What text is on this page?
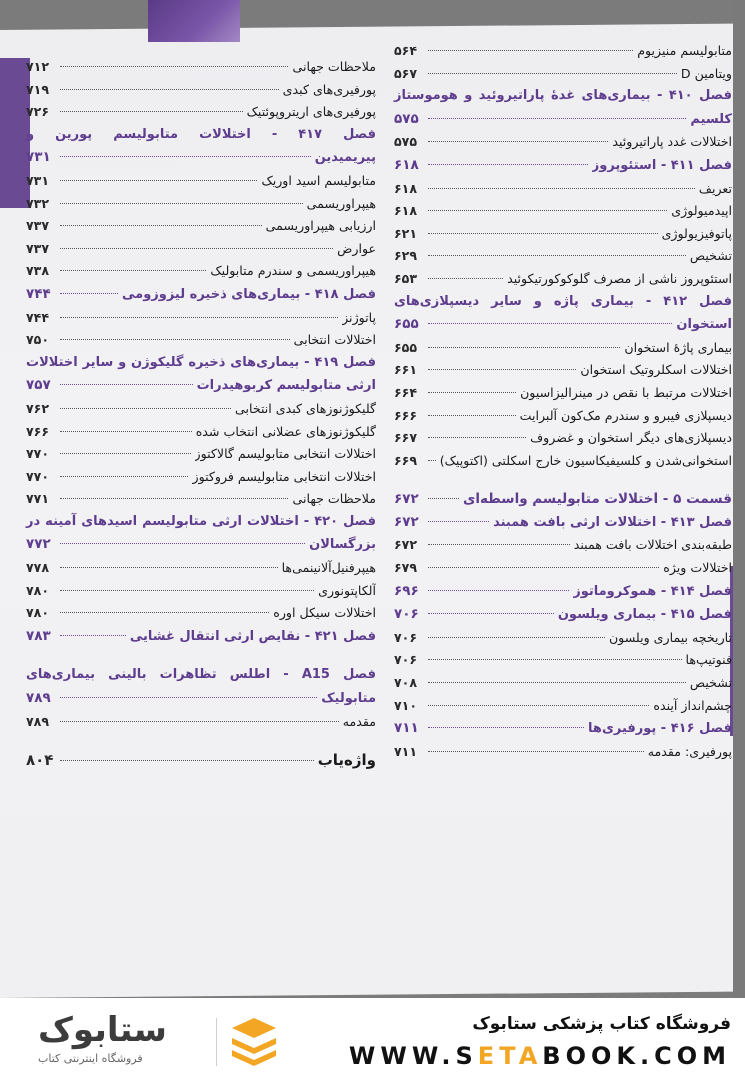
متابولیسم منیزیوم
۵۶۴
ویتامین D
۵۶۷
فصل ۴۱۰ - بیماری‌های غدهٔ پاراتیروئید و هوموستاز
کلسیم
۵۷۵
اختلالات غدد پاراتیروئید
۵۷۵
فصل ۴۱۱ - استئوپروز
۶۱۸
تعریف
۶۱۸
اپیدمیولوژی
۶۱۸
پاتوفیزیولوژی
۶۲۱
تشخیص
۶۲۹
استئوپروز ناشی از مصرف گلوکوکورتیکوئید
۶۵۳
فصل ۴۱۲ - بیماری پاژه و سایر دیسپلازی‌های
استخوان
۶۵۵
بیماری پاژهٔ استخوان
۶۵۵
اختلالات اسکلروتیک استخوان
۶۶۱
اختلالات مرتبط با نقص در مینرالیزاسیون
۶۶۴
دیسپلازی فیبرو و سندرم مک‌کون آلبرایت
۶۶۶
دیسپلازی‌های دیگر استخوان و غضروف
۶۶۷
استخوانی‌شدن و کلسیفیکاسیون خارج اسکلتی (اکتوپیک)
۶۶۹
قسمت ۵ - اختلالات متابولیسم واسطه‌ای
۶۷۲
فصل ۴۱۳ - اختلالات ارثی بافت همبند
۶۷۲
طبقه‌بندی اختلالات بافت همبند
۶۷۲
اختلالات ویژه
۶۷۹
فصل ۴۱۴ - هموکروماتوز
۶۹۶
فصل ۴۱۵ - بیماری ویلسون
۷۰۶
تاریخچه بیماری ویلسون
۷۰۶
فنوتیپ‌ها
۷۰۶
تشخیص
۷۰۸
چشم‌انداز آینده
۷۱۰
فصل ۴۱۶ - پورفیری‌ها
۷۱۱
پورفیری: مقدمه
۷۱۱
ملاحظات جهانی
۷۱۲
پورفیری‌های کبدی
۷۱۹
پورفیری‌های اریتروپوئتیک
۷۲۶
فصل ۴۱۷ - اختلالات متابولیسم پورین و
پیریمیدین
۷۳۱
متابولیسم اسید اوریک
۷۳۱
هیپراوریسمی
۷۳۲
ارزیابی هیپراوریسمی
۷۳۷
عوارض
۷۳۷
هیپراوریسمی و سندرم متابولیک
۷۳۸
فصل ۴۱۸ - بیماری‌های ذخیره لیزوزومی
۷۴۴
پاتوژنز
۷۴۴
اختلالات انتخابی
۷۵۰
فصل ۴۱۹ - بیماری‌های ذخیره گلیکوژن و سایر اختلالات
ارثی متابولیسم کربوهیدرات
۷۵۷
گلیکوژنوزهای کبدی انتخابی
۷۶۲
گلیکوژنوزهای عضلانی انتخاب شده
۷۶۶
اختلالات انتخابی متابولیسم گالاکتوز
۷۷۰
اختلالات انتخابی متابولیسم فروکتوز
۷۷۰
ملاحظات جهانی
۷۷۱
فصل ۴۲۰ - اختلالات ارثی متابولیسم اسیدهای آمینه در
بزرگسالان
۷۷۲
هیپرفنیل‌آلانینمی‌ها
۷۷۸
آلکاپتونوری
۷۸۰
اختلالات سیکل اوره
۷۸۰
فصل ۴۲۱ - نقایص ارثی انتقال غشایی
۷۸۳
فصل A15 - اطلس تظاهرات بالینی بیماری‌های
متابولیک
۷۸۹
مقدمه
۷۸۹
واژه‌یاب
۸۰۴
ستابوک
فروشگاه اینترنتی کتاب
فروشگاه کتاب پزشکی ستابوک
WWW.SETABOOK.COM
